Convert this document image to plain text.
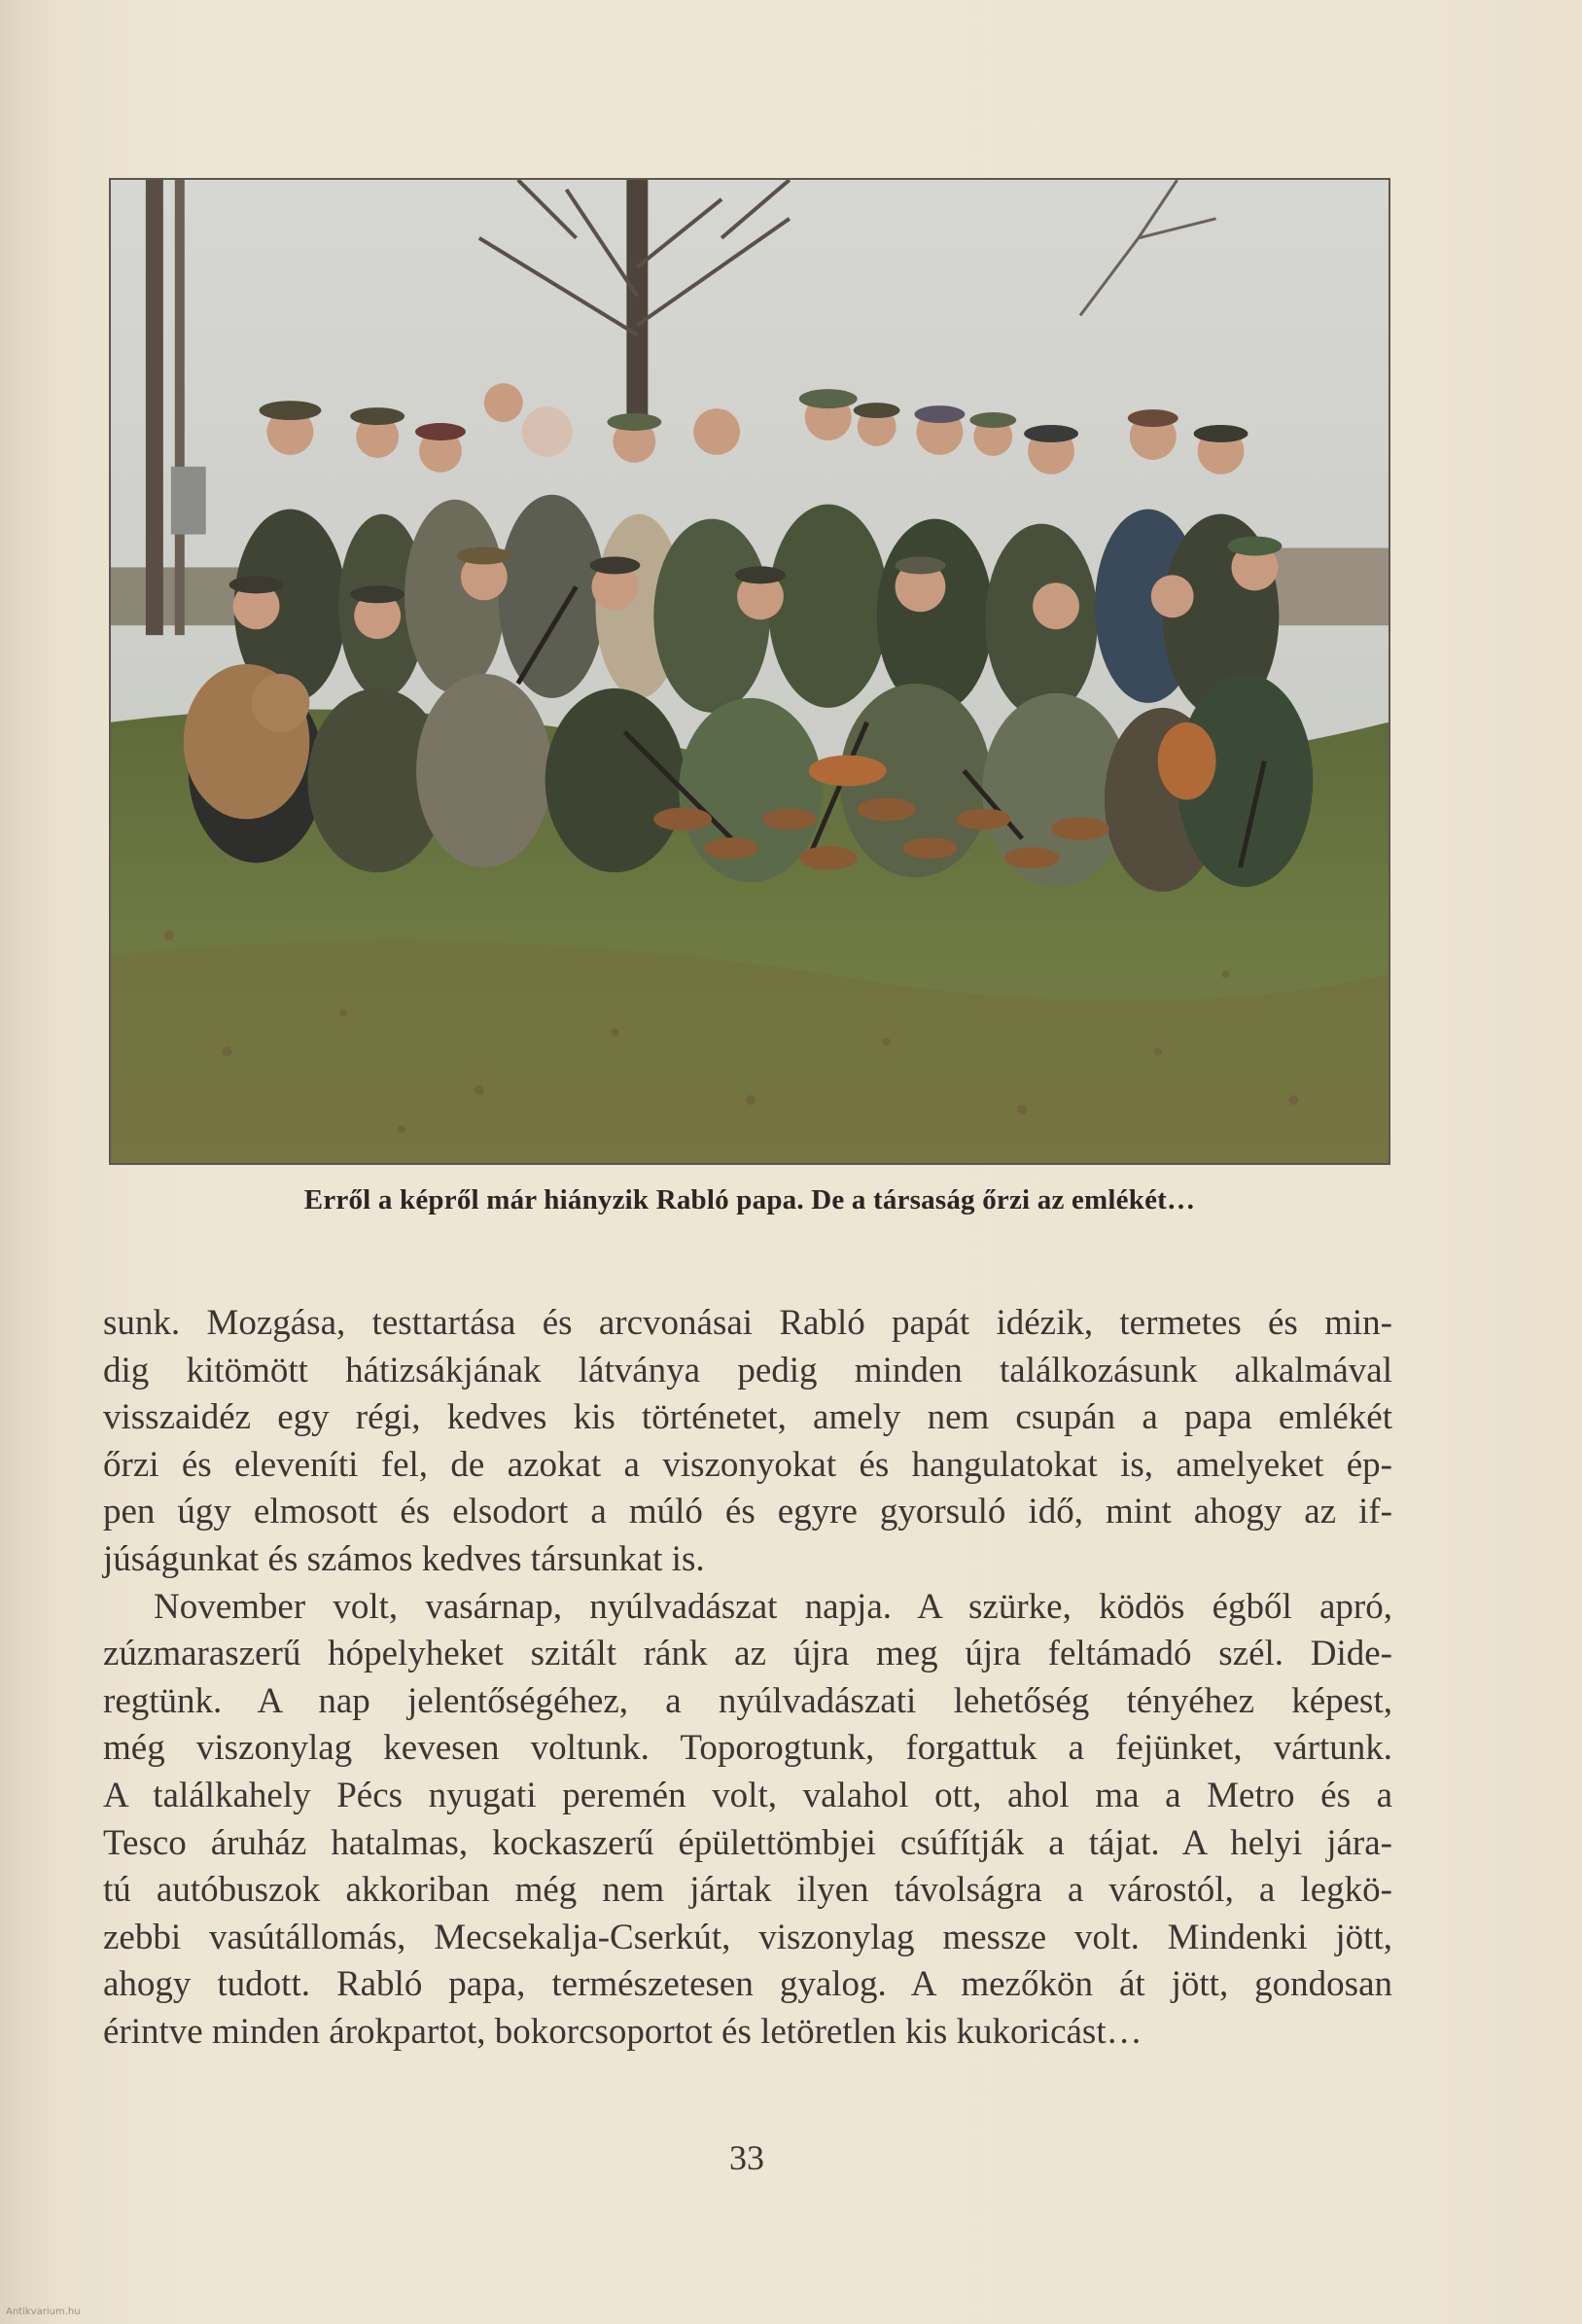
Erről a képről már hiányzik Rabló papa. De a társaság őrzi az emlékét…
sunk. Mozgása, testtartása és arcvonásai Rabló papát idézik, termetes és min-
dig kitömött hátizsákjának látványa pedig minden találkozásunk alkalmával
visszaidéz egy régi, kedves kis történetet, amely nem csupán a papa emlékét
őrzi és eleveníti fel, de azokat a viszonyokat és hangulatokat is, amelyeket ép-
pen úgy elmosott és elsodort a múló és egyre gyorsuló idő, mint ahogy az if-
júságunkat és számos kedves társunkat is.
November volt, vasárnap, nyúlvadászat napja. A szürke, ködös égből apró,
zúzmaraszerű hópelyheket szitált ránk az újra meg újra feltámadó szél. Dide-
regtünk. A nap jelentőségéhez, a nyúlvadászati lehetőség tényéhez képest,
még viszonylag kevesen voltunk. Toporogtunk, forgattuk a fejünket, vártunk.
A találkahely Pécs nyugati peremén volt, valahol ott, ahol ma a Metro és a
Tesco áruház hatalmas, kockaszerű épülettömbjei csúfítják a tájat. A helyi jára-
tú autóbuszok akkoriban még nem jártak ilyen távolságra a várostól, a legkö-
zebbi vasútállomás, Mecsekalja-Cserkút, viszonylag messze volt. Mindenki jött,
ahogy tudott. Rabló papa, természetesen gyalog. A mezőkön át jött, gondosan
érintve minden árokpartot, bokorcsoportot és letöretlen kis kukoricást…
33
Antikvarium.hu
